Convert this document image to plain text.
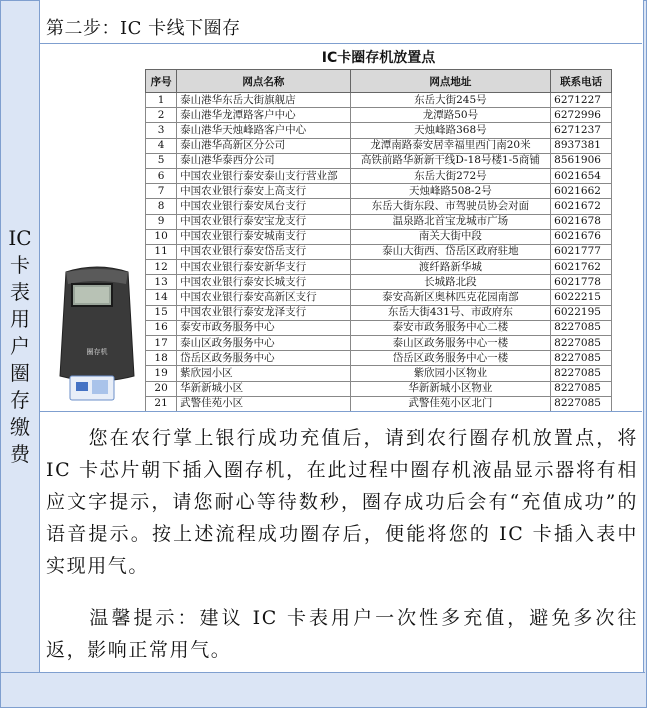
IC
卡
表
用
户
圈
存
缴
费
第二步：IC 卡线下圈存
IC卡圈存机放置点
序号	网点名称	网点地址	联系电话
1	泰山港华东岳大街旗舰店	东岳大街245号	6271227
2	泰山港华龙潭路客户中心	龙潭路50号	6272996
3	泰山港华天烛峰路客户中心	天烛峰路368号	6271237
4	泰山港华高新区分公司	龙潭南路泰安居幸福里西门南20米	8937381
5	泰山港华泰西分公司	高铁前路华新新干线D-18号楼1-5商铺	8561906
6	中国农业银行泰安泰山支行营业部	东岳大街272号	6021654
7	中国农业银行泰安上高支行	天烛峰路508-2号	6021662
8	中国农业银行泰安凤台支行	东岳大街东段、市驾驶员协会对面	6021672
9	中国农业银行泰安宝龙支行	温泉路北首宝龙城市广场	6021678
10	中国农业银行泰安城南支行	南关大街中段	6021676
11	中国农业银行泰安岱岳支行	泰山大街西、岱岳区政府驻地	6021777
12	中国农业银行泰安新华支行	渡纤路新华城	6021762
13	中国农业银行泰安长城支行	长城路北段	6021778
14	中国农业银行泰安高新区支行	泰安高新区奥林匹克花园南部	6022215
15	中国农业银行泰安龙泽支行	东岳大街431号、市政府东	6022195
16	泰安市政务服务中心	泰安市政务服务中心二楼	8227085
17	泰山区政务服务中心	泰山区政务服务中心一楼	8227085
18	岱岳区政务服务中心	岱岳区政务服务中心一楼	8227085
19	紫欣园小区	紫欣园小区物业	8227085
20	华新新城小区	华新新城小区物业	8227085
21	武警佳苑小区	武警佳苑小区北门	8227085
圈存机
您在农行掌上银行成功充值后，请到农行圈存机放置点，将 IC 卡芯片朝下插入圈存机，在此过程中圈存机液晶显示器将有相应文字提示，请您耐心等待数秒，圈存成功后会有“充值成功”的语音提示。按上述流程成功圈存后，便能将您的 IC 卡插入表中实现用气。
温馨提示：建议 IC 卡表用户一次性多充值，避免多次往返，影响正常用气。
